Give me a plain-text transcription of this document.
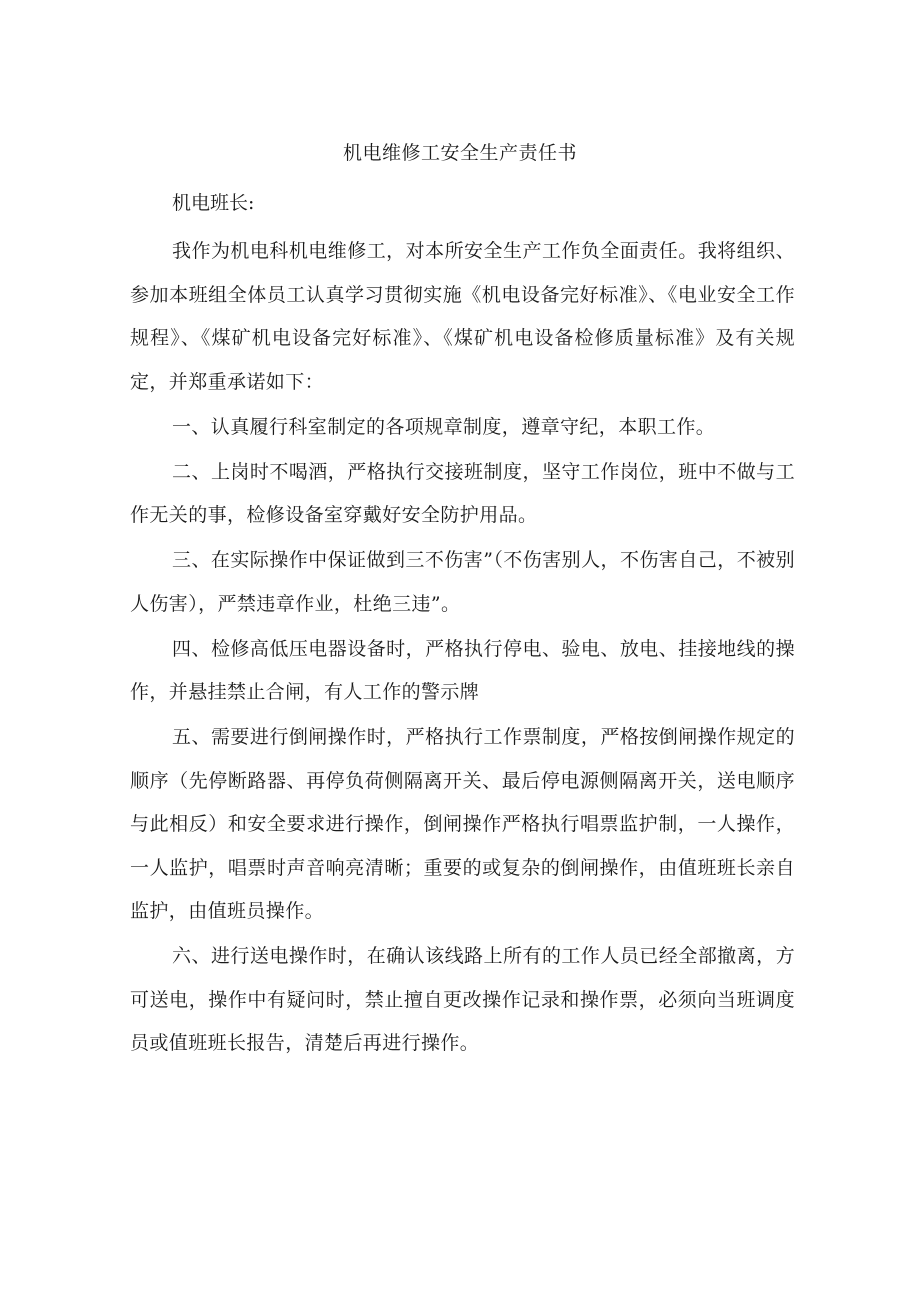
机电维修工安全生产责任书
机电班长:

我作为机电科机电维修工，对本所安全生产工作负全面责任。我将组织、参加本班组全体员工认真学习贯彻实施《机电设备完好标准》、《电业安全工作规程》、《煤矿机电设备完好标准》、《煤矿机电设备检修质量标准》及有关规定，并郑重承诺如下：

一、认真履行科室制定的各项规章制度，遵章守纪，本职工作。

二、上岗时不喝酒，严格执行交接班制度，坚守工作岗位，班中不做与工作无关的事，检修设备室穿戴好安全防护用品。

三、在实际操作中保证做到三不伤害”（不伤害别人，不伤害自己，不被别人伤害），严禁违章作业，杜绝三违”。

四、检修高低压电器设备时，严格执行停电、验电、放电、挂接地线的操作，并悬挂禁止合闸，有人工作的警示牌

五、需要进行倒闸操作时，严格执行工作票制度，严格按倒闸操作规定的顺序（先停断路器、再停负荷侧隔离开关、最后停电源侧隔离开关，送电顺序与此相反）和安全要求进行操作，倒闸操作严格执行唱票监护制，一人操作，一人监护，唱票时声音响亮清晰；重要的或复杂的倒闸操作，由值班班长亲自监护，由值班员操作。

六、进行送电操作时，在确认该线路上所有的工作人员已经全部撤离，方可送电，操作中有疑问时，禁止擅自更改操作记录和操作票，必须向当班调度员或值班班长报告，清楚后再进行操作。
